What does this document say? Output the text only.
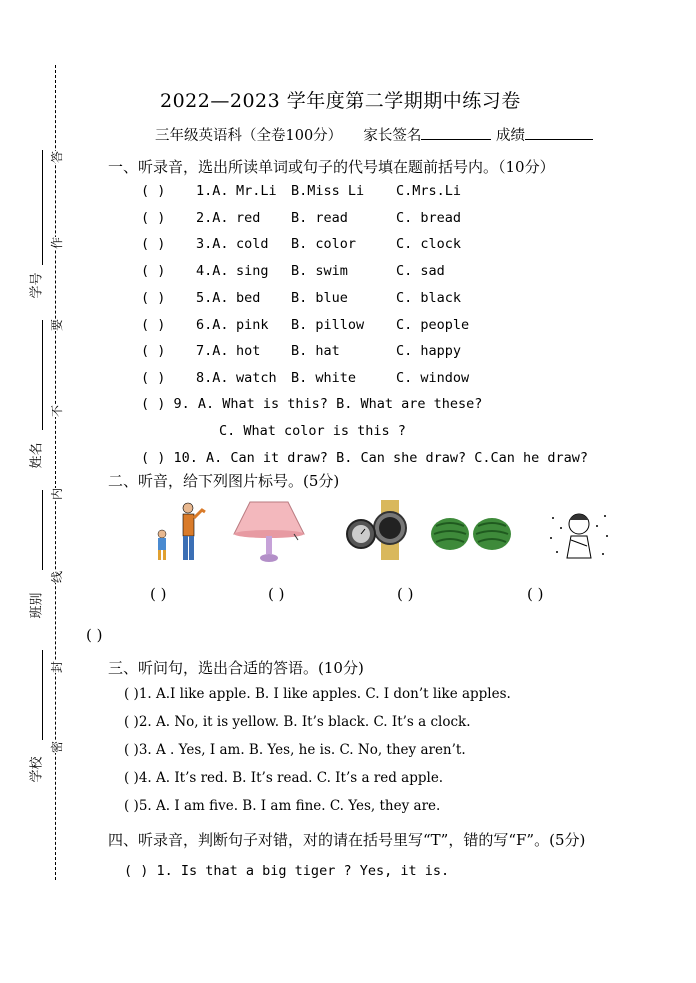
学号
姓名
班别
学校
答
作
要
不
内
线
封
密
2022—2023 学年度第二学期期中练习卷
三年级英语科（全卷100分） 家长签名	成绩
一、听录音，选出所读单词或句子的代号填在题前括号内。（10分）
( ) 1.A. Mr.Li B.Miss Li C.Mrs.Li
( ) 2.A. red B. read	C. bread
( ) 3.A. cold B. color	C. clock
( ) 4.A. sing B. swim	C. sad
( ) 5.A. bed B. blue	C. black
( ) 6.A. pink B. pillow C. people
( ) 7.A. hot B. hat	C. happy
( ) 8.A. watch B. white	C. window
( ) 9. A. What is this? B. What are these?
C. What color is this ?
( ) 10. A. Can it draw? B. Can she draw? C.Can he draw?
二、听音，给下列图片标号。(5分)
( )	( )	( )	( )
( )
三、听问句，选出合适的答语。(10分)
( )1. A.I like apple. B. I like apples. C. I don’t like apples.
( )2. A. No, it is yellow. B. It’s black. C. It’s a clock.
( )3. A . Yes, I am. B. Yes, he is. C. No, they aren’t.
( )4. A. It’s red. B. It’s read. C. It’s a red apple.
( )5. A. I am five. B. I am fine. C. Yes, they are.
四、听录音，判断句子对错，对的请在括号里写“T”，错的写“F”。(5分)
( ) 1. Is that a big tiger ? Yes, it is.
